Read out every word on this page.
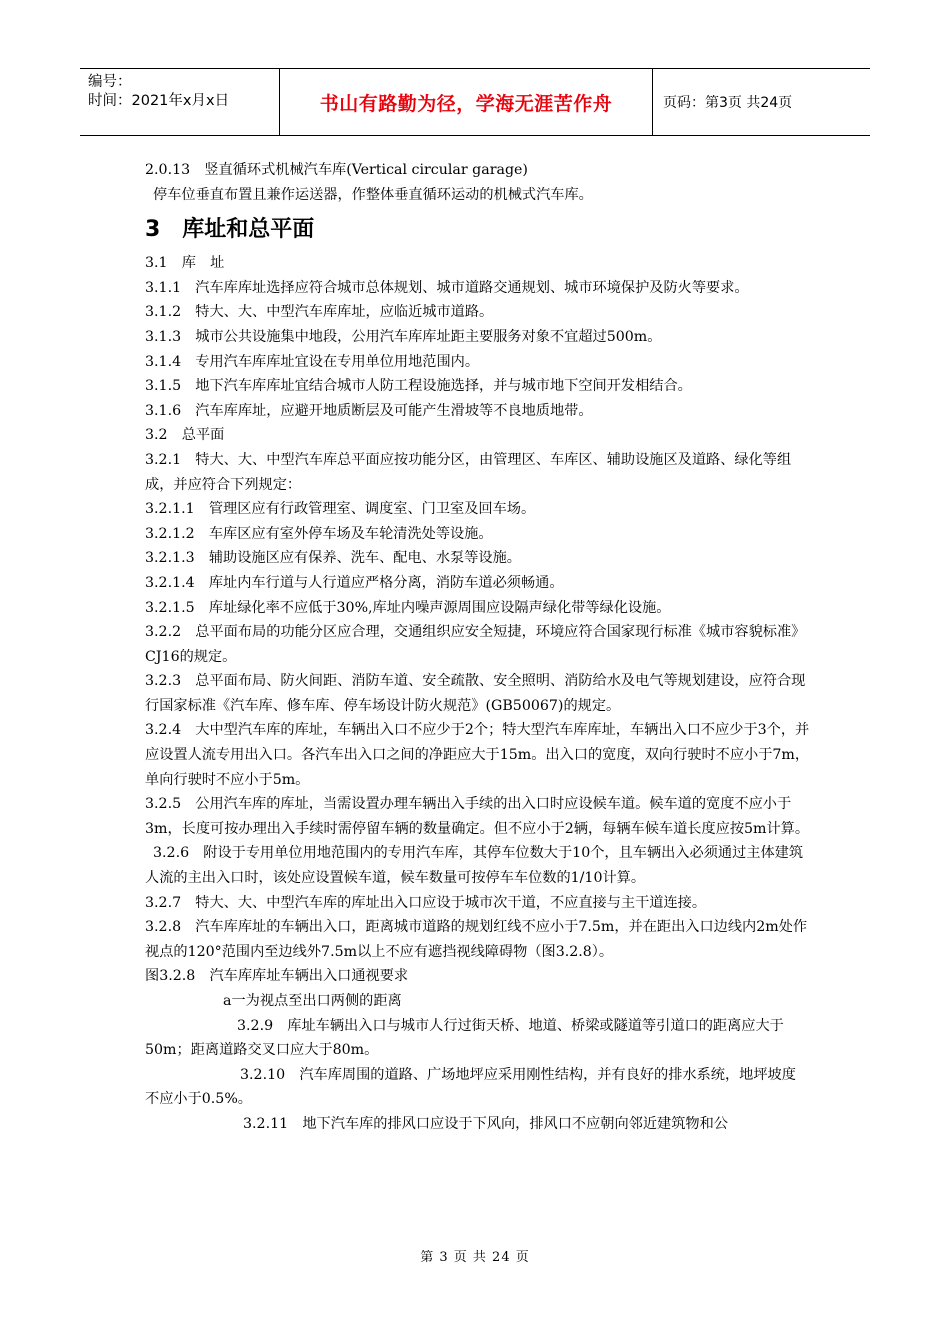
编号：
时间：2021年x月x日	书山有路勤为径，学海无涯苦作舟	页码：第3页 共24页

2.0.13　竖直循环式机械汽车库(Vertical circular garage)

停车位垂直布置且兼作运送器，作整体垂直循环运动的机械式汽车库。

3　库址和总平面

3.1　库　址

3.1.1　汽车库库址选择应符合城市总体规划、城市道路交通规划、城市环境保护及防火等要求。

3.1.2　特大、大、中型汽车库库址，应临近城市道路。

3.1.3　城市公共设施集中地段，公用汽车库库址距主要服务对象不宜超过500m。

3.1.4　专用汽车库库址宜设在专用单位用地范围内。

3.1.5　地下汽车库库址宜结合城市人防工程设施选择，并与城市地下空间开发相结合。

3.1.6　汽车库库址，应避开地质断层及可能产生滑坡等不良地质地带。

3.2　总平面

3.2.1　特大、大、中型汽车库总平面应按功能分区，由管理区、车库区、辅助设施区及道路、绿化等组成，并应符合下列规定：

3.2.1.1　管理区应有行政管理室、调度室、门卫室及回车场。

3.2.1.2　车库区应有室外停车场及车轮清洗处等设施。

3.2.1.3　辅助设施区应有保养、洗车、配电、水泵等设施。

3.2.1.4　库址内车行道与人行道应严格分离，消防车道必须畅通。

3.2.1.5　库址绿化率不应低于30%,库址内噪声源周围应设隔声绿化带等绿化设施。

3.2.2　总平面布局的功能分区应合理，交通组织应安全短捷，环境应符合国家现行标准《城市容貌标准》CJ16的规定。

3.2.3　总平面布局、防火间距、消防车道、安全疏散、安全照明、消防给水及电气等规划建设，应符合现行国家标准《汽车库、修车库、停车场设计防火规范》(GB50067)的规定。

3.2.4　大中型汽车库的库址，车辆出入口不应少于2个；特大型汽车库库址，车辆出入口不应少于3个，并应设置人流专用出入口。各汽车出入口之间的净距应大于15m。出入口的宽度，双向行驶时不应小于7m，单向行驶时不应小于5m。

3.2.5　公用汽车库的库址，当需设置办理车辆出入手续的出入口时应设候车道。候车道的宽度不应小于3m，长度可按办理出入手续时需停留车辆的数量确定。但不应小于2辆，每辆车候车道长度应按5m计算。

3.2.6　附设于专用单位用地范围内的专用汽车库，其停车位数大于10个，且车辆出入必须通过主体建筑人流的主出入口时，该处应设置候车道，候车数量可按停车车位数的1/10计算。

3.2.7　特大、大、中型汽车库的库址出入口应设于城市次干道，不应直接与主干道连接。

3.2.8　汽车库库址的车辆出入口，距离城市道路的规划红线不应小于7.5m，并在距出入口边线内2m处作视点的120°范围内至边线外7.5m以上不应有遮挡视线障碍物（图3.2.8）。

图3.2.8　汽车库库址车辆出入口通视要求

a一为视点至出口两侧的距离

3.2.9　库址车辆出入口与城市人行过街天桥、地道、桥梁或隧道等引道口的距离应大于50m；距离道路交叉口应大于80m。

3.2.10　汽车库周围的道路、广场地坪应采用刚性结构，并有良好的排水系统，地坪坡度不应小于0.5%。

3.2.11　地下汽车库的排风口应设于下风向，排风口不应朝向邻近建筑物和公

第 3 页 共 24 页
